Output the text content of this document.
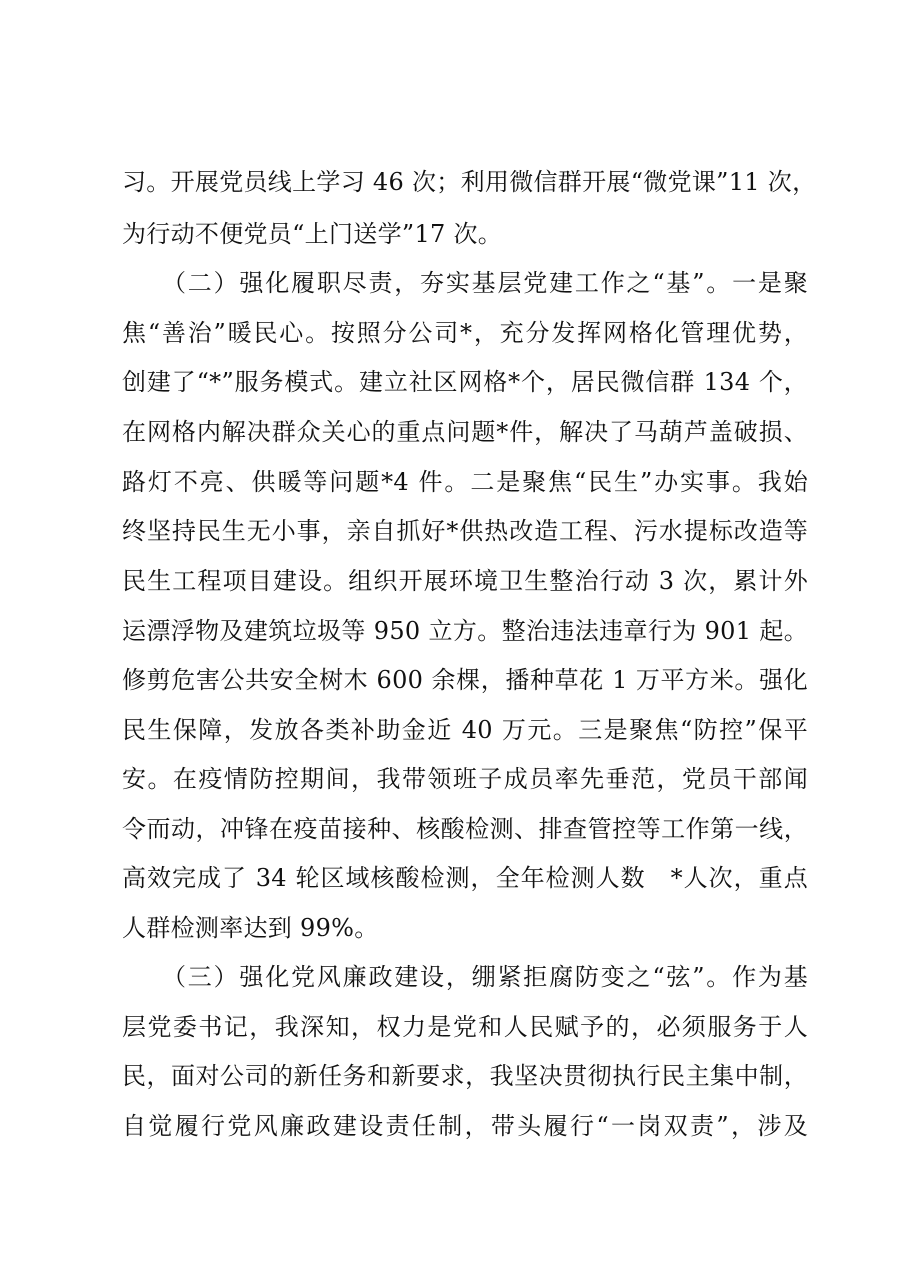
习。开展党员线上学习 46 次；利用微信群开展“微党课”11 次，
为行动不便党员“上门送学”17 次。
（二）强化履职尽责，夯实基层党建工作之“基”。一是聚
焦“善治”暖民心。按照分公司*，充分发挥网格化管理优势，
创建了“*”服务模式。建立社区网格*个，居民微信群 134 个，
在网格内解决群众关心的重点问题*件，解决了马葫芦盖破损、
路灯不亮、供暖等问题*4 件。二是聚焦“民生”办实事。我始
终坚持民生无小事，亲自抓好*供热改造工程、污水提标改造等
民生工程项目建设。组织开展环境卫生整治行动 3 次，累计外
运漂浮物及建筑垃圾等 950 立方。整治违法违章行为 901 起。
修剪危害公共安全树木 600 余棵，播种草花 1 万平方米。强化
民生保障，发放各类补助金近 40 万元。三是聚焦“防控”保平
安。在疫情防控期间，我带领班子成员率先垂范，党员干部闻
令而动，冲锋在疫苗接种、核酸检测、排查管控等工作第一线，
高效完成了 34 轮区域核酸检测，全年检测人数　*人次，重点
人群检测率达到 99%。
（三）强化党风廉政建设，绷紧拒腐防变之“弦”。作为基
层党委书记，我深知，权力是党和人民赋予的，必须服务于人
民，面对公司的新任务和新要求，我坚决贯彻执行民主集中制，
自觉履行党风廉政建设责任制，带头履行“一岗双责”，涉及
